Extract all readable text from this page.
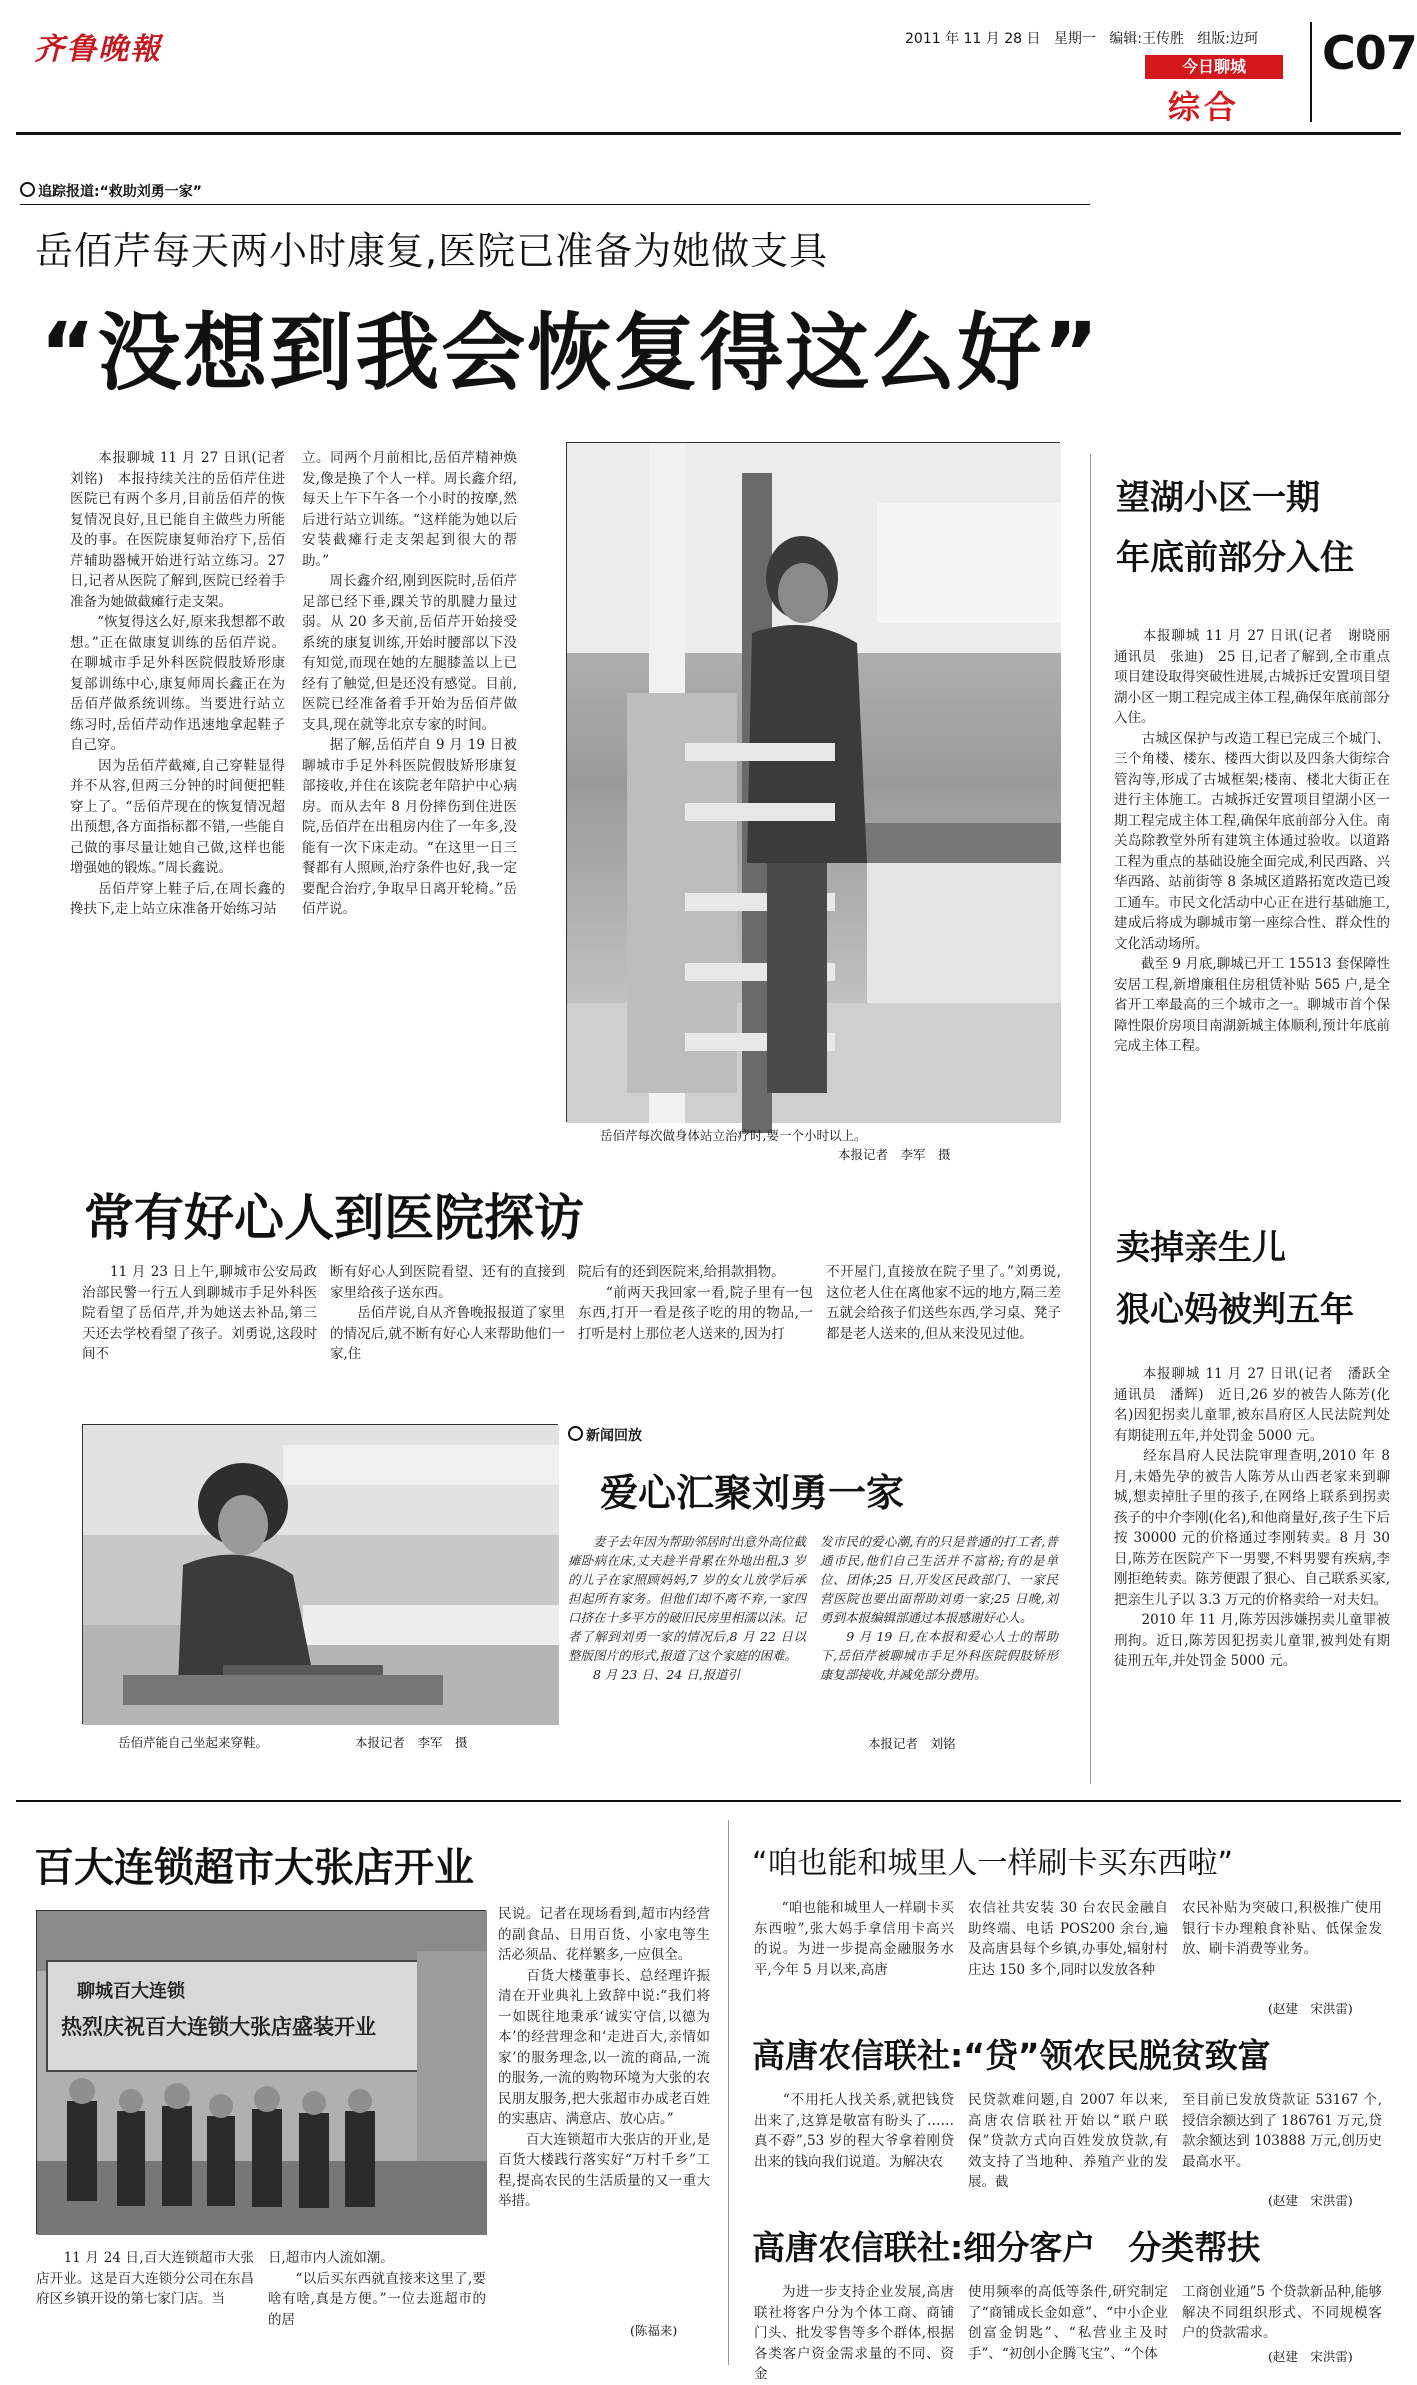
齐鲁晚報	2011 年 11 月 28 日 星期一 编辑:王传胜 组版:边珂
今日聊城
综合
C07
追踪报道:“救助刘勇一家”
岳佰芹每天两小时康复,医院已准备为她做支具
“没想到我会恢复得这么好”
　　本报聊城 11 月 27 日讯(记者　刘铭)　本报持续关注的岳佰芹住进医院已有两个多月,目前岳佰芹的恢复情况良好,且已能自主做些力所能及的事。在医院康复师治疗下,岳佰芹辅助器械开始进行站立练习。27 日,记者从医院了解到,医院已经着手准备为她做截瘫行走支架。
　　“恢复得这么好,原来我想都不敢想。”正在做康复训练的岳佰芹说。在聊城市手足外科医院假肢矫形康复部训练中心,康复师周长鑫正在为岳佰芹做系统训练。当要进行站立练习时,岳佰芹动作迅速地拿起鞋子自己穿。
　　因为岳佰芹截瘫,自己穿鞋显得并不从容,但两三分钟的时间便把鞋穿上了。“岳佰芹现在的恢复情况超出预想,各方面指标都不错,一些能自己做的事尽量让她自己做,这样也能增强她的锻炼。”周长鑫说。
　　岳佰芹穿上鞋子后,在周长鑫的搀扶下,走上站立床准备开始练习站
立。同两个月前相比,岳佰芹精神焕发,像是换了个人一样。周长鑫介绍,每天上午下午各一个小时的按摩,然后进行站立训练。“这样能为她以后安装截瘫行走支架起到很大的帮助。”
　　周长鑫介绍,刚到医院时,岳佰芹足部已经下垂,踝关节的肌腱力量过弱。从 20 多天前,岳佰芹开始接受系统的康复训练,开始时腰部以下没有知觉,而现在她的左腿膝盖以上已经有了触觉,但是还没有感觉。目前,医院已经准备着手开始为岳佰芹做支具,现在就等北京专家的时间。
　　据了解,岳佰芹自 9 月 19 日被聊城市手足外科医院假肢矫形康复部接收,并住在该院老年陪护中心病房。而从去年 8 月份摔伤到住进医院,岳佰芹在出租房内住了一年多,没能有一次下床走动。“在这里一日三餐都有人照顾,治疗条件也好,我一定要配合治疗,争取早日离开轮椅。”岳佰芹说。
岳佰芹每次做身体站立治疗时,要一个小时以上。
本报记者　李军　摄
常有好心人到医院探访
　　11 月 23 日上午,聊城市公安局政治部民警一行五人到聊城市手足外科医院看望了岳佰芹,并为她送去补品,第三天还去学校看望了孩子。刘勇说,这段时间不
断有好心人到医院看望、还有的直接到家里给孩子送东西。
　　岳佰芹说,自从齐鲁晚报报道了家里的情况后,就不断有好心人来帮助他们一家,住
院后有的还到医院来,给捐款捐物。
　　“前两天我回家一看,院子里有一包东西,打开一看是孩子吃的用的物品,一打听是村上那位老人送来的,因为打
不开屋门,直接放在院子里了。”刘勇说,这位老人住在离他家不远的地方,隔三差五就会给孩子们送些东西,学习桌、凳子都是老人送来的,但从来没见过他。
岳佰芹能自己坐起来穿鞋。	本报记者　李军　摄
新闻回放
爱心汇聚刘勇一家
　　妻子去年因为帮助邻居时出意外高位截瘫卧病在床,丈夫趁半骨累在外地出租,3 岁的儿子在家照顾妈妈,7 岁的女儿放学后承担起所有家务。但他们却不离不弃,一家四口挤在十多平方的破旧民房里相濡以沫。记者了解到刘勇一家的情况后,8 月 22 日以整版图片的形式,报道了这个家庭的困难。
　　8 月 23 日、24 日,报道引
发市民的爱心潮,有的只是普通的打工者,普通市民,他们自己生活并不富裕;有的是单位、团体;25 日,开发区民政部门、一家民营医院也要出面帮助刘勇一家;25 日晚,刘勇到本报编辑部通过本报感谢好心人。
　　9 月 19 日,在本报和爱心人士的帮助下,岳佰芹被聊城市手足外科医院假肢矫形康复部接收,并减免部分费用。
本报记者　刘铭
望湖小区一期
年底前部分入住
　　本报聊城 11 月 27 日讯(记者　谢晓丽　通讯员　张迪)　25 日,记者了解到,全市重点项目建设取得突破性进展,古城拆迁安置项目望湖小区一期工程完成主体工程,确保年底前部分入住。
　　古城区保护与改造工程已完成三个城门、三个角楼、楼东、楼西大街以及四条大街综合管沟等,形成了古城框架;楼南、楼北大街正在进行主体施工。古城拆迁安置项目望湖小区一期工程完成主体工程,确保年底前部分入住。南关岛除教堂外所有建筑主体通过验收。以道路工程为重点的基础设施全面完成,利民西路、兴华西路、站前街等 8 条城区道路拓宽改造已竣工通车。市民文化活动中心正在进行基础施工,建成后将成为聊城市第一座综合性、群众性的文化活动场所。
　　截至 9 月底,聊城已开工 15513 套保障性安居工程,新增廉租住房租赁补贴 565 户,是全省开工率最高的三个城市之一。聊城市首个保障性限价房项目南湖新城主体顺利,预计年底前完成主体工程。
卖掉亲生儿
狠心妈被判五年
　　本报聊城 11 月 27 日讯(记者　潘跃全　通讯员　潘辉)　近日,26 岁的被告人陈芳(化名)因犯拐卖儿童罪,被东昌府区人民法院判处有期徒刑五年,并处罚金 5000 元。
　　经东昌府人民法院审理查明,2010 年 8 月,未婚先孕的被告人陈芳从山西老家来到聊城,想卖掉肚子里的孩子,在网络上联系到拐卖孩子的中介李刚(化名),和他商量好,孩子生下后按 30000 元的价格通过李刚转卖。8 月 30 日,陈芳在医院产下一男婴,不料男婴有疾病,李刚拒绝转卖。陈芳便跟了狠心、自己联系买家,把亲生儿子以 3.3 万元的价格卖给一对夫妇。
　　2010 年 11 月,陈芳因涉嫌拐卖儿童罪被刑拘。近日,陈芳因犯拐卖儿童罪,被判处有期徒刑五年,并处罚金 5000 元。
百大连锁超市大张店开业
聊城百大连锁
热烈庆祝百大连锁大张店盛装开业
　　11 月 24 日,百大连锁超市大张店开业。这是百大连锁分公司在东昌府区乡镇开设的第七家门店。当
日,超市内人流如潮。
　　“以后买东西就直接来这里了,要啥有啥,真是方便。”一位去逛超市的的居
民说。记者在现场看到,超市内经营的副食品、日用百货、小家电等生活必须品、花样繁多,一应俱全。
　　百货大楼董事长、总经理许振清在开业典礼上致辞中说:“我们将一如既往地秉承‘诚实守信,以德为本’的经营理念和‘走进百大,亲情如家’的服务理念,以一流的商品,一流的服务,一流的购物环境为大张的农民朋友服务,把大张超市办成老百姓的实惠店、满意店、放心店。”
　　百大连锁超市大张店的开业,是百货大楼践行落实好“万村千乡”工程,提高农民的生活质量的又一重大举措。
(陈福来)
“咱也能和城里人一样刷卡买东西啦”
　　“咱也能和城里人一样刷卡买东西啦”,张大妈手拿信用卡高兴的说。为进一步提高金融服务水平,今年 5 月以来,高唐
农信社共安装 30 台农民金融自助终端、电话 POS200 余台,遍及高唐县每个乡镇,办事处,辐射村庄达 150 多个,同时以发放各种
农民补贴为突破口,积极推广使用银行卡办理粮食补贴、低保金发放、刷卡消费等业务。
(赵建　宋洪雷)
高唐农信联社:“贷”领农民脱贫致富
　　“不用托人找关系,就把钱贷出来了,这算是敬富有盼头了……真不孬”,53 岁的程大爷拿着刚贷出来的钱向我们说道。为解决农
民贷款难问题,自 2007 年以来,高唐农信联社开始以“联户联保”贷款方式向百姓发放贷款,有效支持了当地种、养殖产业的发展。截
至目前已发放贷款证 53167 个,授信余额达到了 186761 万元,贷款余额达到 103888 万元,创历史最高水平。
(赵建　宋洪雷)
高唐农信联社:细分客户　分类帮扶
　　为进一步支持企业发展,高唐联社将客户分为个体工商、商铺门头、批发零售等多个群体,根据各类客户资金需求量的不同、资金
使用频率的高低等条件,研究制定了“商铺成长金如意”、“中小企业创富金钥匙”、“私营业主及时手”、“初创小企腾飞宝”、“个体
工商创业通”5 个贷款新品种,能够解决不同组织形式、不同规模客户的贷款需求。
(赵建　宋洪雷)
